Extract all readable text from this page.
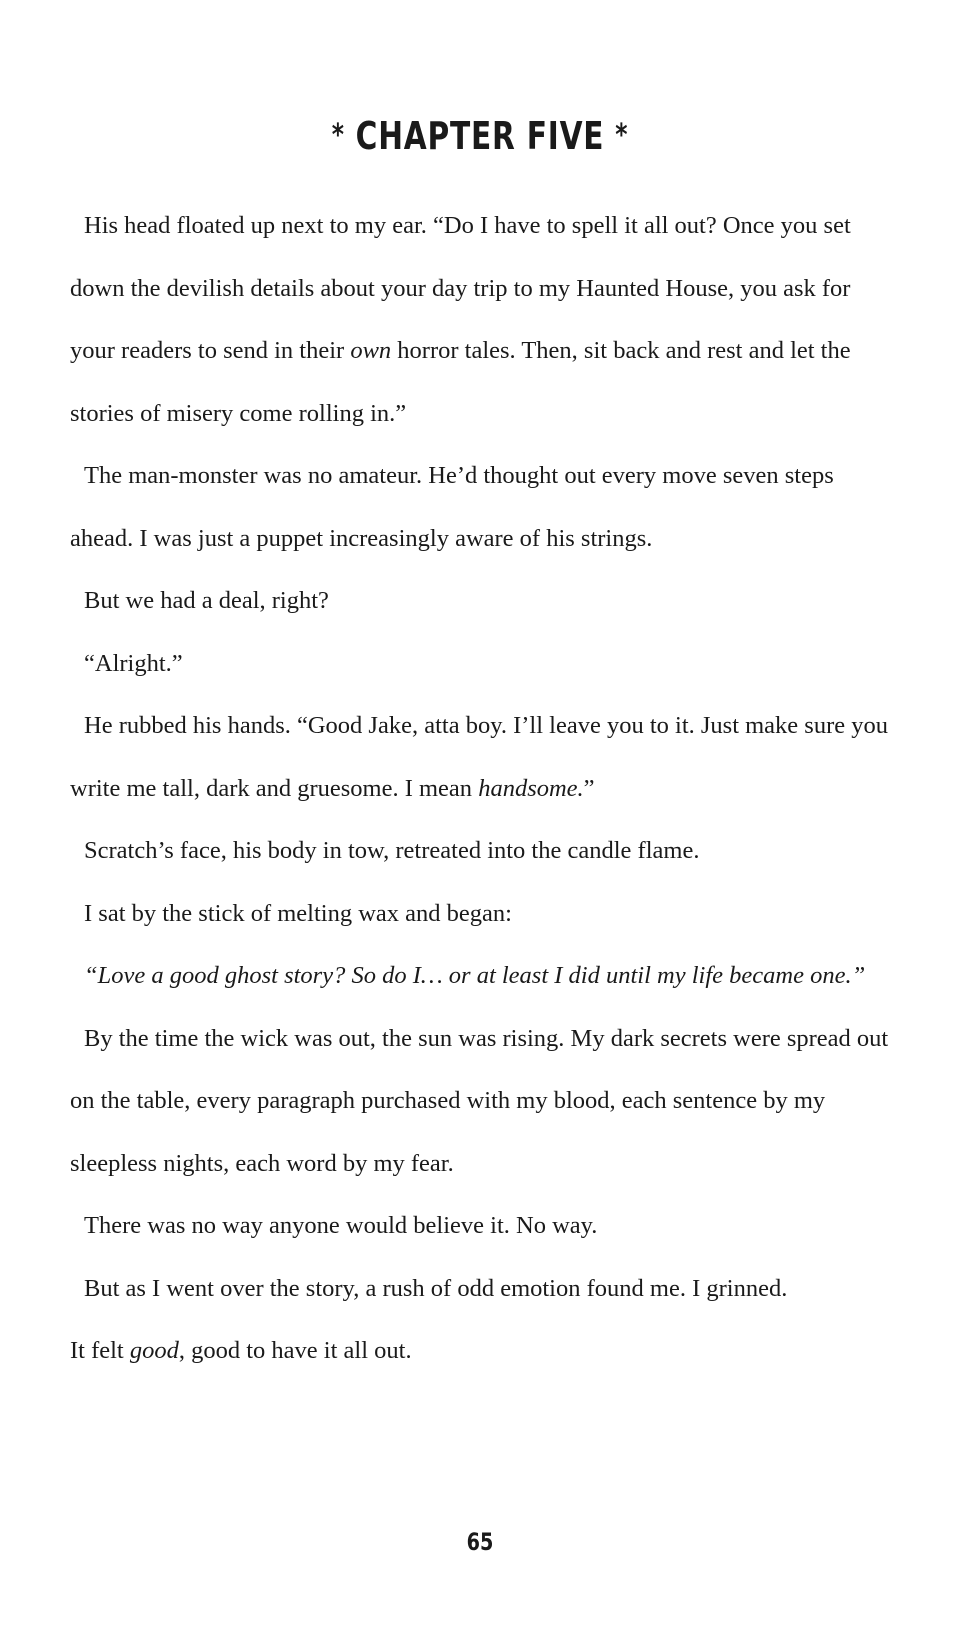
* CHAPTER FIVE *

His head floated up next to my ear. “Do I have to spell it all out? Once you set down the devilish details about your day trip to my Haunted House, you ask for your readers to send in their own horror tales. Then, sit back and rest and let the stories of misery come rolling in.”

The man-monster was no amateur. He’d thought out every move seven steps ahead. I was just a puppet increasingly aware of his strings.

But we had a deal, right?

“Alright.”

He rubbed his hands. “Good Jake, atta boy. I’ll leave you to it. Just make sure you write me tall, dark and gruesome. I mean handsome.”

Scratch’s face, his body in tow, retreated into the candle flame.

I sat by the stick of melting wax and began:

“Love a good ghost story? So do I… or at least I did until my life became one.”

By the time the wick was out, the sun was rising. My dark secrets were spread out on the table, every paragraph purchased with my blood, each sentence by my sleepless nights, each word by my fear.

There was no way anyone would believe it. No way.

But as I went over the story, a rush of odd emotion found me. I grinned.

It felt good, good to have it all out.

65
